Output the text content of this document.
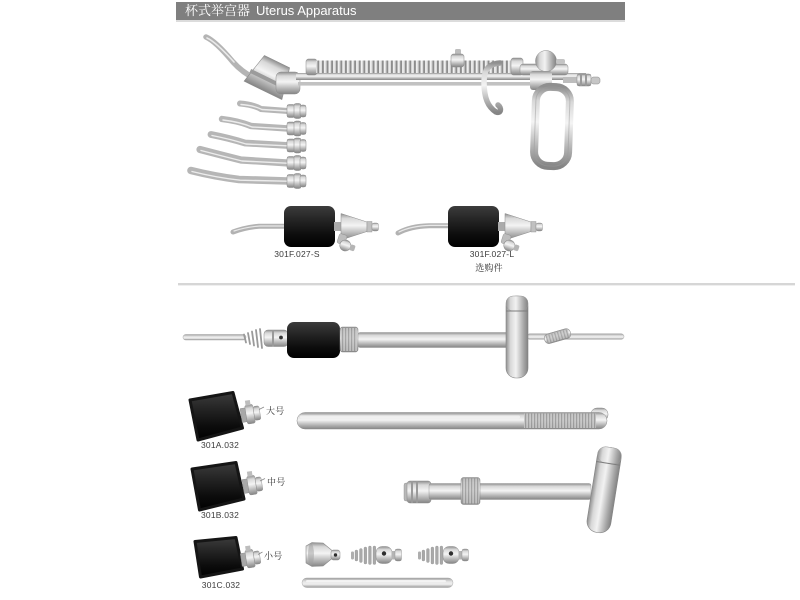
杯式举宫器 Uterus Apparatus
301F.027-S	301F.027-L
选购件
大号
301A.032
中号
301B.032
小号
301C.032
